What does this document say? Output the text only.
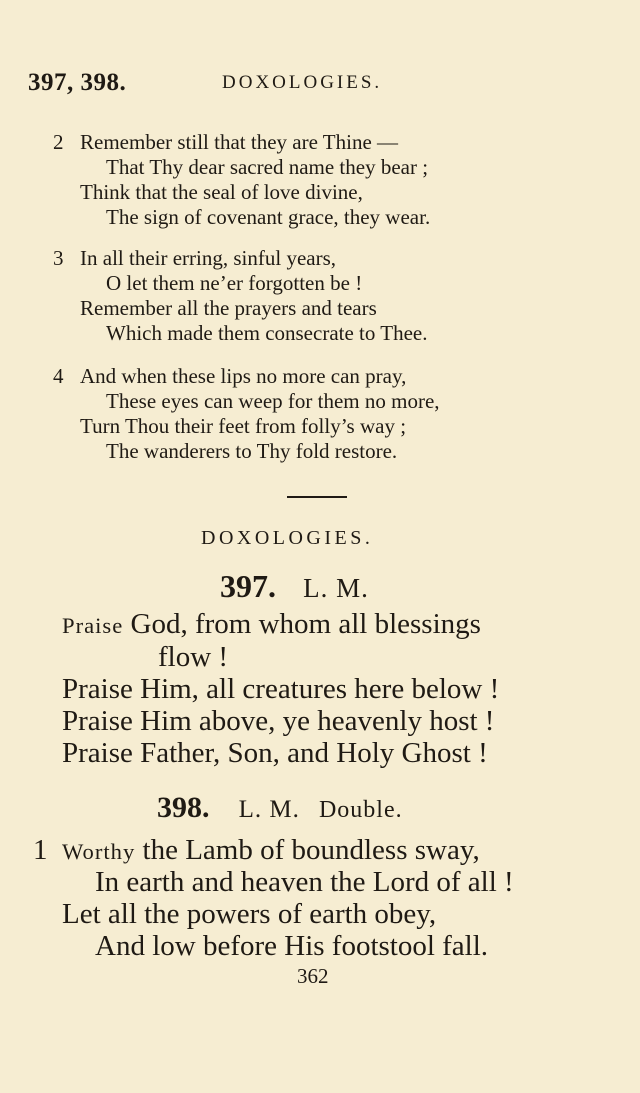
397, 398.	DOXOLOGIES.
2 Remember still that they are Thine —
That Thy dear sacred name they bear ;
Think that the seal of love divine,
The sign of covenant grace, they wear.
3 In all their erring, sinful years,
O let them ne’er forgotten be !
Remember all the prayers and tears
Which made them consecrate to Thee.
4 And when these lips no more can pray,
These eyes can weep for them no more,
Turn Thou their feet from folly’s way ;
The wanderers to Thy fold restore.
DOXOLOGIES.
397. L. M.
Praise God, from whom all blessings
flow !
Praise Him, all creatures here below !
Praise Him above, ye heavenly host !
Praise Father, Son, and Holy Ghost !
398. L. M. Double.
1 Worthy the Lamb of boundless sway,
In earth and heaven the Lord of all !
Let all the powers of earth obey,
And low before His footstool fall.
362
